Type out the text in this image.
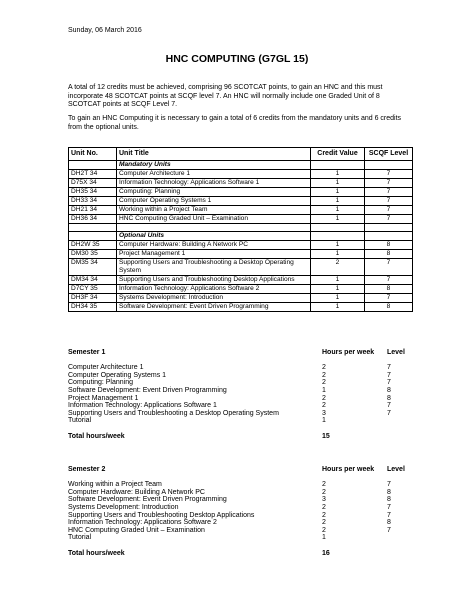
Sunday, 06 March 2016
HNC COMPUTING (G7GL 15)
A total of 12 credits must be achieved, comprising 96 SCOTCAT points, to gain an HNC and this must incorporate 48 SCOTCAT points at SCQF level 7. An HNC will normally include one Graded Unit of 8 SCOTCAT points at SCQF Level 7.
To gain an HNC Computing it is necessary to gain a total of 6 credits from the mandatory units and 6 credits from the optional units.
Unit No.	Unit Title	Credit Value	SCQF Level
	Mandatory Units		
DH2T 34	Computer Architecture 1	1	7
D75X 34	Information Technology: Applications Software 1	1	7
DH35 34	Computing: Planning	1	7
DH33 34	Computer Operating Systems 1	1	7
DH21 34	Working within a Project Team	1	7
DH36 34	HNC Computing Graded Unit – Examination	1	7

	Optional Units		
DH2W 35	Computer Hardware: Building A Network PC	1	8
DM30 35	Project Management 1	1	8
DM35 34	Supporting Users and Troubleshooting a Desktop Operating System	2	7
DM34 34	Supporting Users and Troubleshooting Desktop Applications	1	7
D7CY 35	Information Technology: Applications Software 2	1	8
DH3F 34	Systems Development: Introduction	1	7
DH34 35	Software Development: Event Driven Programming	1	8
Semester 1	Hours per week Level
Computer Architecture 1	2	7
Computer Operating Systems 1	2	7
Computing: Planning	2	7
Software Development: Event Driven Programming	1	8
Project Management 1	2	8
Information Technology: Applications Software 1	2	7
Supporting Users and Troubleshooting a Desktop Operating System	3	7
Tutorial	1
Total hours/week	15
Semester 2	Hours per week Level
Working within a Project Team	2	7
Computer Hardware: Building A Network PC	2	8
Software Development: Event Driven Programming	3	8
Systems Development: Introduction	2	7
Supporting Users and Troubleshooting Desktop Applications	2	7
Information Technology: Applications Software 2	2	8
HNC Computing Graded Unit – Examination	2	7
Tutorial	1
Total hours/week	16
